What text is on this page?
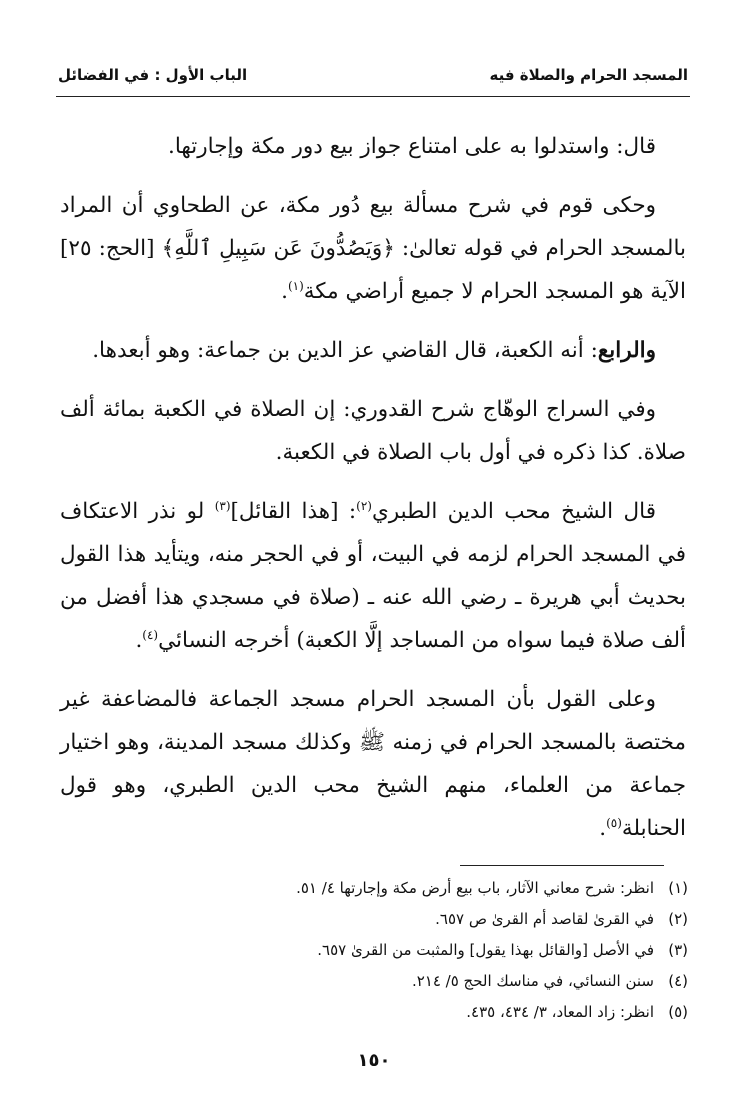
المسجد الحرام والصلاة فيه
الباب الأول : في الفضائل

قال: واستدلوا به على امتناع جواز بيع دور مكة وإجارتها.

وحكى قوم في شرح مسألة بيع دُور مكة، عن الطحاوي أن المراد بالمسجد الحرام في قوله تعالىٰ: ﴿وَيَصُدُّونَ عَن سَبِيلِ ٱللَّهِ﴾ [الحج: ٢٥] الآية هو المسجد الحرام لا جميع أراضي مكة$^{(١)}$.

والرابع: أنه الكعبة، قال القاضي عز الدين بن جماعة: وهو أبعدها.

وفي السراج الوهّاج شرح القدوري: إن الصلاة في الكعبة بمائة ألف صلاة. كذا ذكره في أول باب الصلاة في الكعبة.

قال الشيخ محب الدين الطبري$^{(٢)}$: [هذا القائل]$^{(٣)}$ لو نذر الاعتكاف في المسجد الحرام لزمه في البيت، أو في الحجر منه، ويتأيد هذا القول بحديث أبي هريرة ـ رضي الله عنه ـ (صلاة في مسجدي هذا أفضل من ألف صلاة فيما سواه من المساجد إلَّا الكعبة) أخرجه النسائي$^{(٤)}$.

وعلى القول بأن المسجد الحرام مسجد الجماعة فالمضاعفة غير مختصة بالمسجد الحرام في زمنه ﷺ وكذلك مسجد المدينة، وهو اختيار جماعة من العلماء، منهم الشيخ محب الدين الطبري، وهو قول الحنابلة$^{(٥)}$.

(١)انظر: شرح معاني الآثار، باب بيع أرض مكة وإجارتها ٤/ ٥١.
(٢)في القرىٰ لقاصد أم القرىٰ ص ٦٥٧.
(٣)في الأصل [والقائل بهذا يقول] والمثبت من القرىٰ ٦٥٧.
(٤)سنن النسائي، في مناسك الحج ٥/ ٢١٤.
(٥)انظر: زاد المعاد، ٣/ ٤٣٤، ٤٣٥.
١٥٠
